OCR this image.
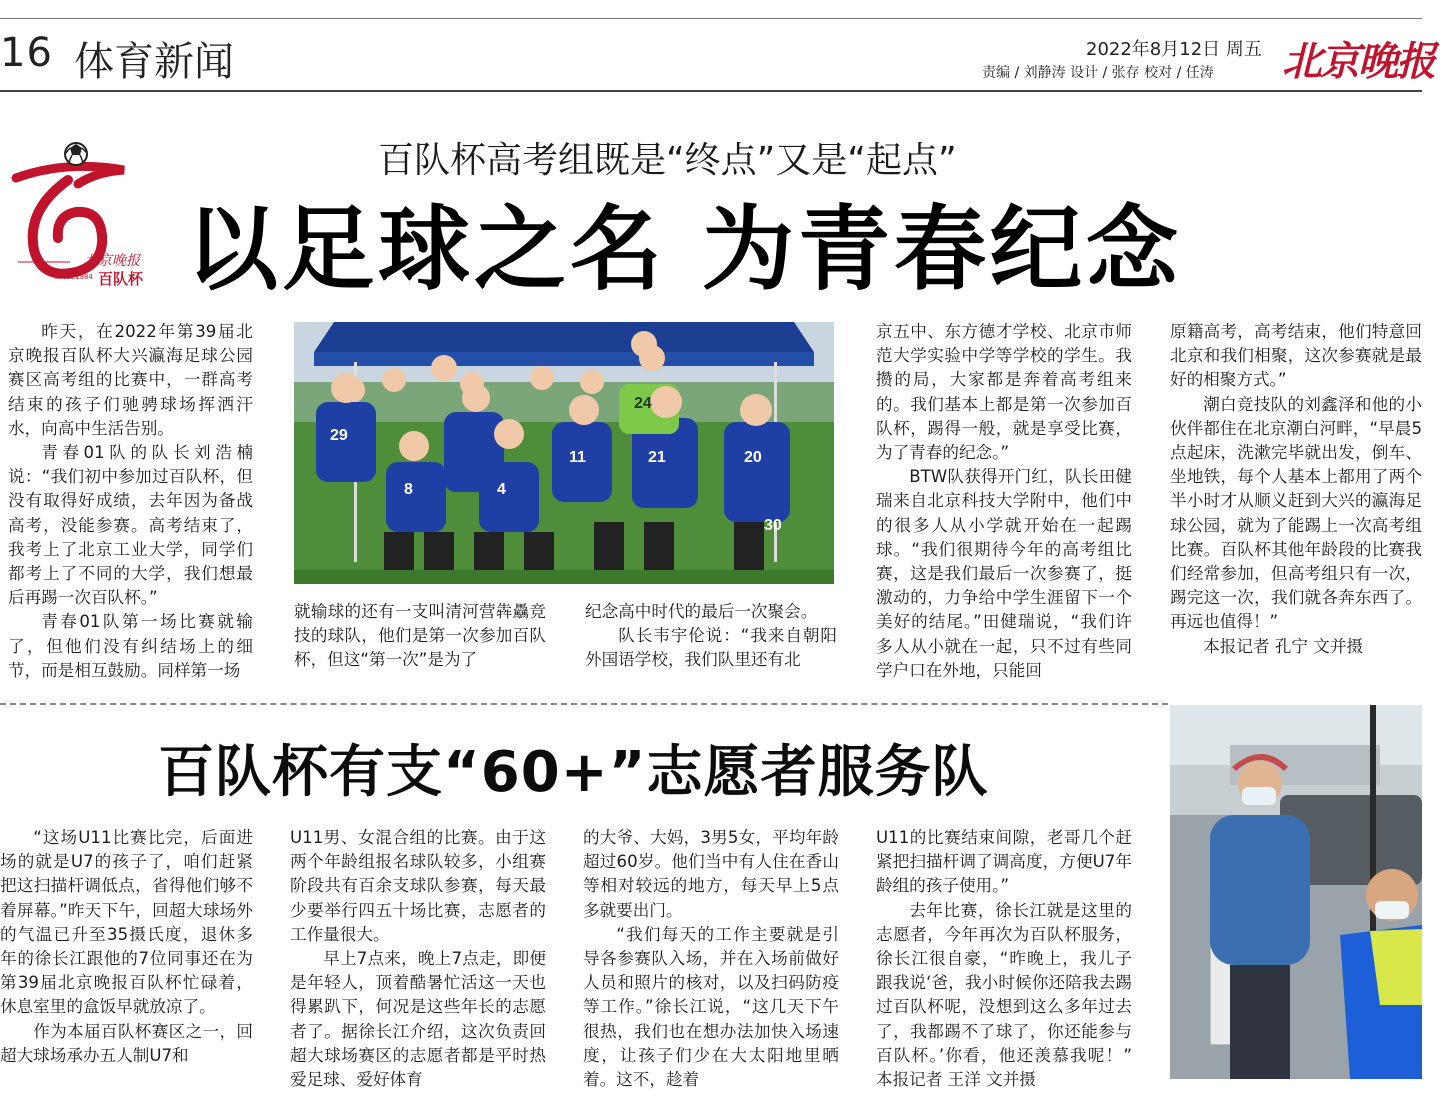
16 体育新闻	2022年8月12日 周五
责编 / 刘静涛 设计 / 张存 校对 / 任涛 北京晚报
北京晚报
百队杯
SINCE1984
百队杯高考组既是“终点”又是“起点”
以足球之名 为青春纪念

昨天，在2022年第39届北京晚报百队杯大兴瀛海足球公园赛区高考组的比赛中，一群高考结束的孩子们驰骋球场挥洒汗水，向高中生活告别。

青春01队的队长刘浩楠说：“我们初中参加过百队杯，但没有取得好成绩，去年因为备战高考，没能参赛。高考结束了，我考上了北京工业大学，同学们都考上了不同的大学，我们想最后再踢一次百队杯。”

青春01队第一场比赛就输了，但他们没有纠结场上的细节，而是相互鼓励。同样第一场

29
24
8	4
11	21	20
30

就输球的还有一支叫清河营犇驫竞技的球队，他们是第一次参加百队杯，但这“第一次”是为了

纪念高中时代的最后一次聚会。

队长韦宇伦说：“我来自朝阳外国语学校，我们队里还有北

京五中、东方德才学校、北京市师范大学实验中学等学校的学生。我攒的局，大家都是奔着高考组来的。我们基本上都是第一次参加百队杯，踢得一般，就是享受比赛，为了青春的纪念。”

BTW队获得开门红，队长田健瑞来自北京科技大学附中，他们中的很多人从小学就开始在一起踢球。“我们很期待今年的高考组比赛，这是我们最后一次参赛了，挺激动的，力争给中学生涯留下一个美好的结尾。”田健瑞说，“我们许多人从小就在一起，只不过有些同学户口在外地，只能回

原籍高考，高考结束，他们特意回北京和我们相聚，这次参赛就是最好的相聚方式。”

潮白竞技队的刘鑫泽和他的小伙伴都住在北京潮白河畔，“早晨5点起床，洗漱完毕就出发，倒车、坐地铁，每个人基本上都用了两个半小时才从顺义赶到大兴的瀛海足球公园，就为了能踢上一次高考组比赛。百队杯其他年龄段的比赛我们经常参加，但高考组只有一次，踢完这一次，我们就各奔东西了。再远也值得！”

本报记者 孔宁 文并摄

百队杯有支“60+”志愿者服务队

“这场U11比赛比完，后面进场的就是U7的孩子了，咱们赶紧把这扫描杆调低点，省得他们够不着屏幕。”昨天下午，回超大球场外的气温已升至35摄氏度，退休多年的徐长江跟他的7位同事还在为第39届北京晚报百队杯忙碌着，休息室里的盒饭早就放凉了。

作为本届百队杯赛区之一，回超大球场承办五人制U7和

U11男、女混合组的比赛。由于这两个年龄组报名球队较多，小组赛阶段共有百余支球队参赛，每天最少要举行四五十场比赛，志愿者的工作量很大。

早上7点来，晚上7点走，即便是年轻人，顶着酷暑忙活这一天也得累趴下，何况是这些年长的志愿者了。据徐长江介绍，这次负责回超大球场赛区的志愿者都是平时热爱足球、爱好体育

的大爷、大妈，3男5女，平均年龄超过60岁。他们当中有人住在香山等相对较远的地方，每天早上5点多就要出门。

“我们每天的工作主要就是引导各参赛队入场，并在入场前做好人员和照片的核对，以及扫码防疫等工作。”徐长江说，“这几天下午很热，我们也在想办法加快入场速度，让孩子们少在大太阳地里晒着。这不，趁着

U11的比赛结束间隙，老哥几个赶紧把扫描杆调了调高度，方便U7年龄组的孩子使用。”

去年比赛，徐长江就是这里的志愿者，今年再次为百队杯服务，徐长江很自豪，“昨晚上，我儿子跟我说‘爸，我小时候你还陪我去踢过百队杯呢，没想到这么多年过去了，我都踢不了球了，你还能参与百队杯。’你看，他还羡慕我呢！” 本报记者 王洋 文并摄
